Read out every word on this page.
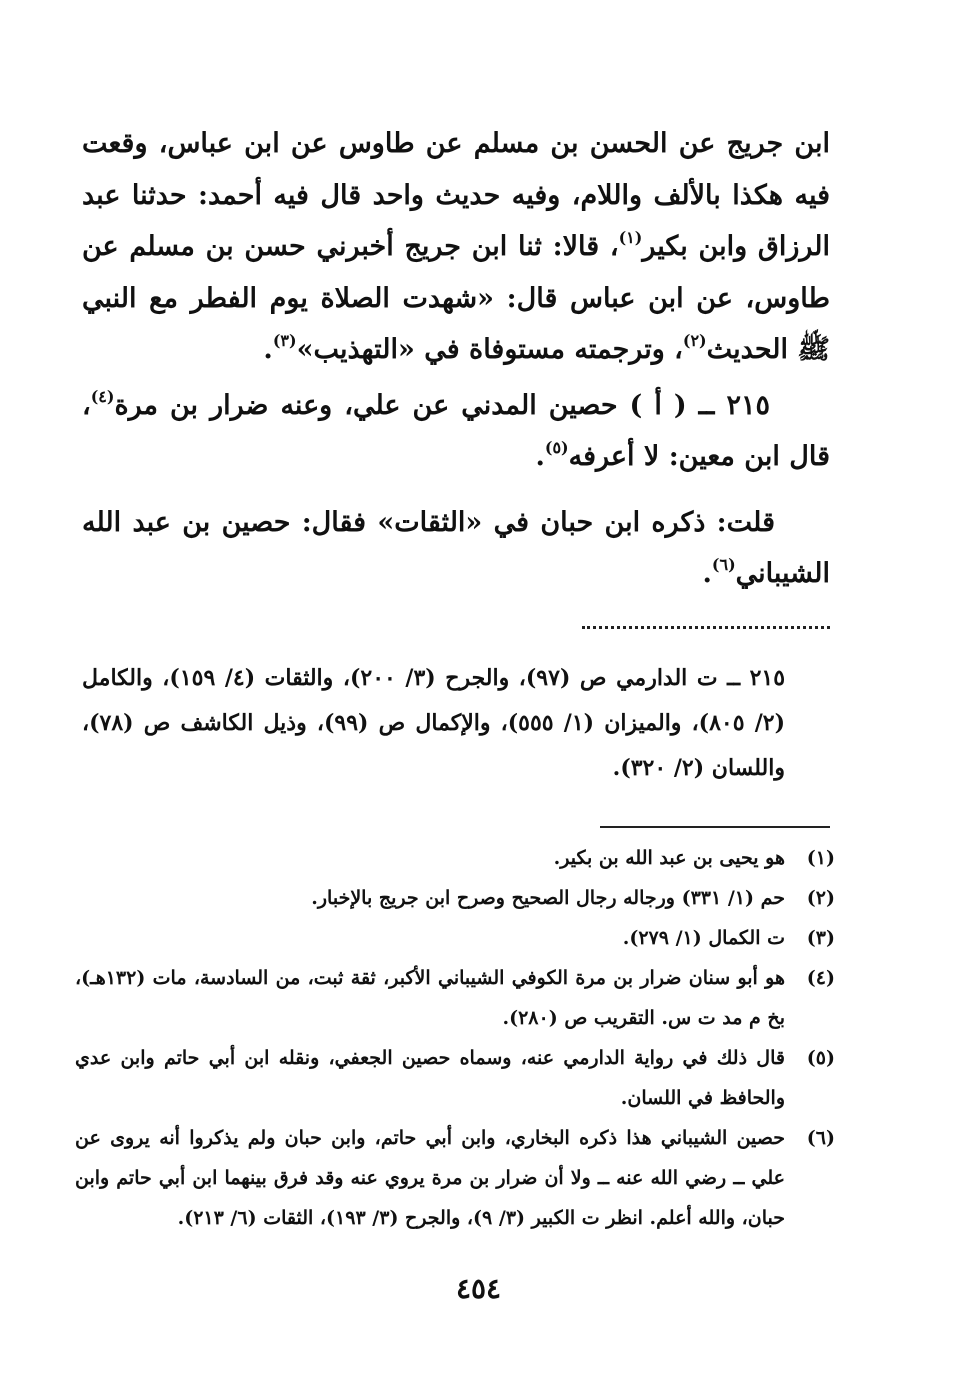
ابن جريج عن الحسن بن مسلم عن طاوس عن ابن عباس، وقعت فيه هكذا بالألف واللام، وفيه حديث واحد قال فيه أحمد: حدثنا عبد الرزاق وابن بكير$^{(١)}$، قالا: ثنا ابن جريج أخبرني حسن بن مسلم عن طاوس، عن ابن عباس قال: «شهدت الصلاة يوم الفطر مع النبي ﷺ الحديث$^{(٢)}$، وترجمته مستوفاة في «التهذيب»$^{(٣)}$.

٢١٥ ــ ( أ ) حصين المدني عن علي، وعنه ضرار بن مرة$^{(٤)}$، قال ابن معين: لا أعرفه$^{(٥)}$.

قلت: ذكره ابن حبان في «الثقات» فقال: حصين بن عبد الله الشيباني$^{(٦)}$.

٢١٥ ــ ت الدارمي ص (٩٧)، والجرح (٣/ ٢٠٠)، والثقات (٤/ ١٥٩)، والكامل (٢/ ٨٠٥)، والميزان (١/ ٥٥٥)، والإكمال ص (٩٩)، وذيل الكاشف ص (٧٨)، واللسان (٢/ ٣٢٠).

(١)
هو يحيى بن عبد الله بن بكير.
(٢)
حم (١/ ٣٣١) ورجاله رجال الصحيح وصرح ابن جريج بالإخبار.
(٣)
ت الكمال (١/ ٢٧٩).
(٤)
هو أبو سنان ضرار بن مرة الكوفي الشيباني الأكبر، ثقة ثبت، من السادسة، مات (١٣٢هـ)، بخ م مد ت س. التقريب ص (٢٨٠).
(٥)
قال ذلك في رواية الدارمي عنه، وسماه حصين الجعفي، ونقله ابن أبي حاتم وابن عدي والحافظ في اللسان.
(٦)
حصين الشيباني هذا ذكره البخاري، وابن أبي حاتم، وابن حبان ولم يذكروا أنه يروى عن علي ــ رضي الله عنه ــ ولا أن ضرار بن مرة يروي عنه وقد فرق بينهما ابن أبي حاتم وابن حبان، والله أعلم. انظر ت الكبير (٣/ ٩)، والجرح (٣/ ١٩٣)، الثقات (٦/ ٢١٣).
٤٥٤
